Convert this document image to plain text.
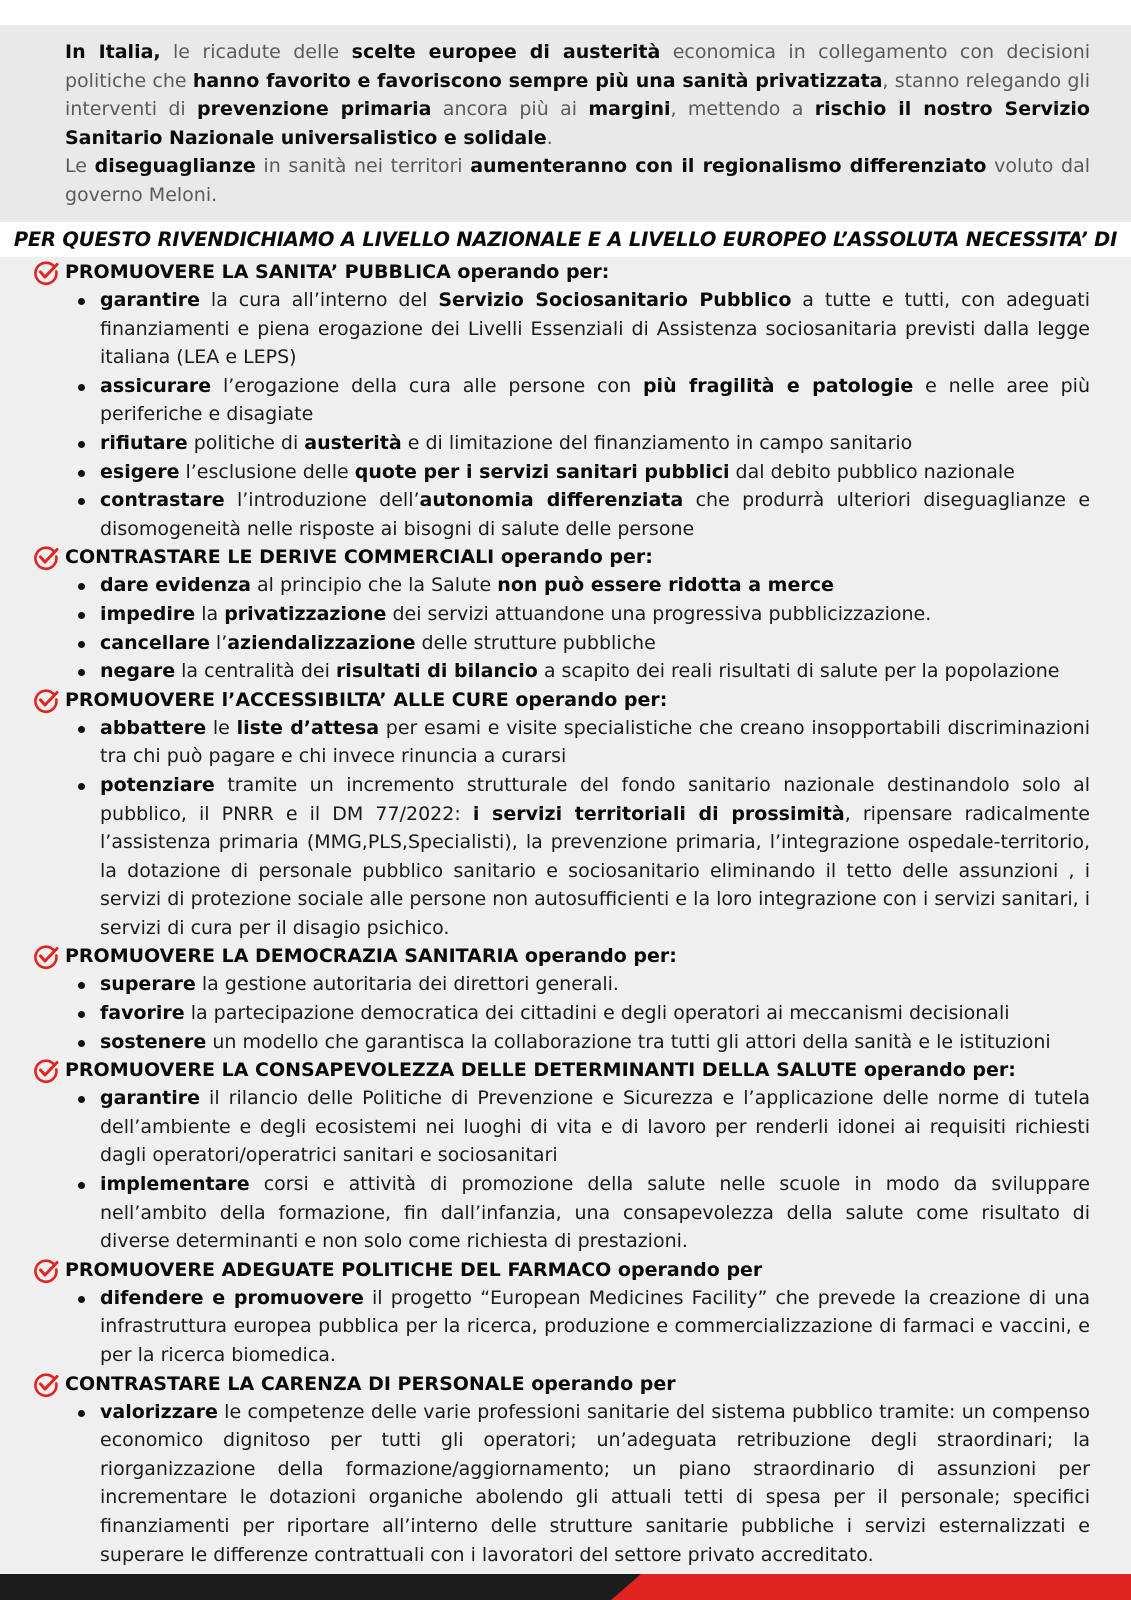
In Italia, le ricadute delle scelte europee di austerità economica in collegamento con decisioni politiche che hanno favorito e favoriscono sempre più una sanità privatizzata, stanno relegando gli interventi di prevenzione primaria ancora più ai margini, mettendo a rischio il nostro Servizio Sanitario Nazionale universalistico e solidale.
Le diseguaglianze in sanità nei territori aumenteranno con il regionalismo differenziato voluto dal governo Meloni.
PER QUESTO RIVENDICHIAMO A LIVELLO NAZIONALE E A LIVELLO EUROPEO L’ASSOLUTA NECESSITA’ DI
PROMUOVERE LA SANITA’ PUBBLICA operando per:
garantire la cura all’interno del Servizio Sociosanitario Pubblico a tutte e tutti, con adeguati finanziamenti e piena erogazione dei Livelli Essenziali di Assistenza sociosanitaria previsti dalla legge italiana (LEA e LEPS)
assicurare l’erogazione della cura alle persone con più fragilità e patologie e nelle aree più periferiche e disagiate
rifiutare politiche di austerità e di limitazione del finanziamento in campo sanitario
esigere l’esclusione delle quote per i servizi sanitari pubblici dal debito pubblico nazionale
contrastare l’introduzione dell’autonomia differenziata che produrrà ulteriori diseguaglianze e disomogeneità nelle risposte ai bisogni di salute delle persone
CONTRASTARE LE DERIVE COMMERCIALI operando per:
dare evidenza al principio che la Salute non può essere ridotta a merce
impedire la privatizzazione dei servizi attuandone una progressiva pubblicizzazione.
cancellare l’aziendalizzazione delle strutture pubbliche
negare la centralità dei risultati di bilancio a scapito dei reali risultati di salute per la popolazione
PROMUOVERE l’ACCESSIBILTA’ ALLE CURE operando per:
abbattere le liste d’attesa per esami e visite specialistiche che creano insopportabili discriminazioni tra chi può pagare e chi invece rinuncia a curarsi
potenziare tramite un incremento strutturale del fondo sanitario nazionale destinandolo solo al pubblico, il PNRR e il DM 77/2022: i servizi territoriali di prossimità, ripensare radicalmente l’assistenza primaria (MMG,PLS,Specialisti), la prevenzione primaria, l’integrazione ospedale-territorio, la dotazione di personale pubblico sanitario e sociosanitario eliminando il tetto delle assunzioni , i servizi di protezione sociale alle persone non autosufficienti e la loro integrazione con i servizi sanitari, i servizi di cura per il disagio psichico.
PROMUOVERE LA DEMOCRAZIA SANITARIA operando per:
superare la gestione autoritaria dei direttori generali.
favorire la partecipazione democratica dei cittadini e degli operatori ai meccanismi decisionali
sostenere un modello che garantisca la collaborazione tra tutti gli attori della sanità e le istituzioni
PROMUOVERE LA CONSAPEVOLEZZA DELLE DETERMINANTI DELLA SALUTE operando per:
garantire il rilancio delle Politiche di Prevenzione e Sicurezza e l’applicazione delle norme di tutela dell’ambiente e degli ecosistemi nei luoghi di vita e di lavoro per renderli idonei ai requisiti richiesti dagli operatori/operatrici sanitari e sociosanitari
implementare corsi e attività di promozione della salute nelle scuole in modo da sviluppare nell’ambito della formazione, fin dall’infanzia, una consapevolezza della salute come risultato di diverse determinanti e non solo come richiesta di prestazioni.
PROMUOVERE ADEGUATE POLITICHE DEL FARMACO operando per
difendere e promuovere il progetto “European Medicines Facility” che prevede la creazione di una infrastruttura europea pubblica per la ricerca, produzione e commercializzazione di farmaci e vaccini, e per la ricerca biomedica.
CONTRASTARE LA CARENZA DI PERSONALE operando per
valorizzare le competenze delle varie professioni sanitarie del sistema pubblico tramite: un compenso economico dignitoso per tutti gli operatori; un’adeguata retribuzione degli straordinari; la riorganizzazione della formazione/aggiornamento; un piano straordinario di assunzioni per incrementare le dotazioni organiche abolendo gli attuali tetti di spesa per il personale; specifici finanziamenti per riportare all’interno delle strutture sanitarie pubbliche i servizi esternalizzati e superare le differenze contrattuali con i lavoratori del settore privato accreditato.
